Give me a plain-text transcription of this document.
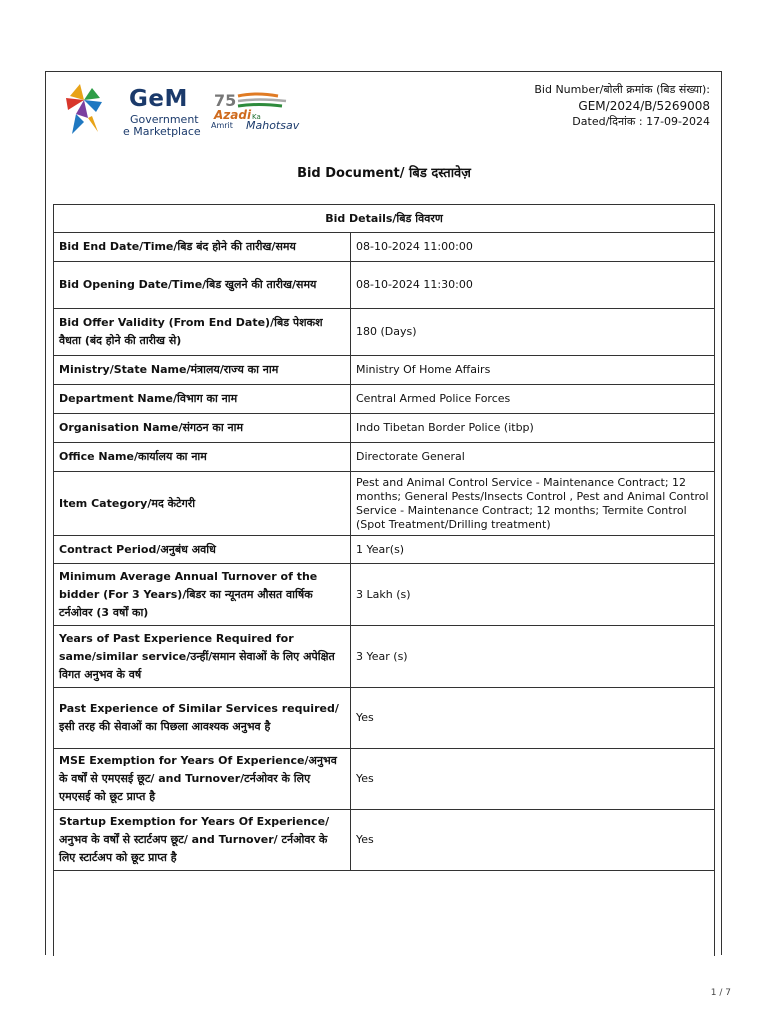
GeM
Government
e Marketplace
75
Azadi Ka
Amrit Mahotsav
Bid Number/बोली क्रमांक (बिड संख्या):
GEM/2024/B/5269008
Dated/दिनांक : 17-09-2024
Bid Document/ बिड दस्तावेज़
Bid Details/बिड विवरण	
Bid End Date/Time/बिड बंद होने की तारीख/समय	08-10-2024 11:00:00
Bid Opening Date/Time/बिड खुलने की तारीख/समय	08-10-2024 11:30:00
Bid Offer Validity (From End Date)/बिड पेशकश वैधता (बंद होने की तारीख से)	180 (Days)
Ministry/State Name/मंत्रालय/राज्य का नाम	Ministry Of Home Affairs
Department Name/विभाग का नाम	Central Armed Police Forces
Organisation Name/संगठन का नाम	Indo Tibetan Border Police (itbp)
Office Name/कार्यालय का नाम	Directorate General
Item Category/मद केटेगरी	Pest and Animal Control Service - Maintenance Contract; 12 months; General Pests/Insects Control , Pest and Animal Control Service - Maintenance Contract; 12 months; Termite Control (Spot Treatment/Drilling treatment)
Contract Period/अनुबंध अवधि	1 Year(s)
Minimum Average Annual Turnover of the bidder (For 3 Years)/बिडर का न्यूनतम औसत वार्षिक टर्नओवर (3 वर्षों का)	3 Lakh (s)
Years of Past Experience Required for same/similar service/उन्हीं/समान सेवाओं के लिए अपेक्षित विगत अनुभव के वर्ष	3 Year (s)
Past Experience of Similar Services required/इसी तरह की सेवाओं का पिछला आवश्यक अनुभव है	Yes
MSE Exemption for Years Of Experience/अनुभव के वर्षों से एमएसई छूट/ and Turnover/टर्नओवर के लिए एमएसई को छूट प्राप्त है	Yes
Startup Exemption for Years Of Experience/अनुभव के वर्षों से स्टार्टअप छूट/ and Turnover/ टर्नओवर के लिए स्टार्टअप को छूट प्राप्त है	Yes
1 / 7
